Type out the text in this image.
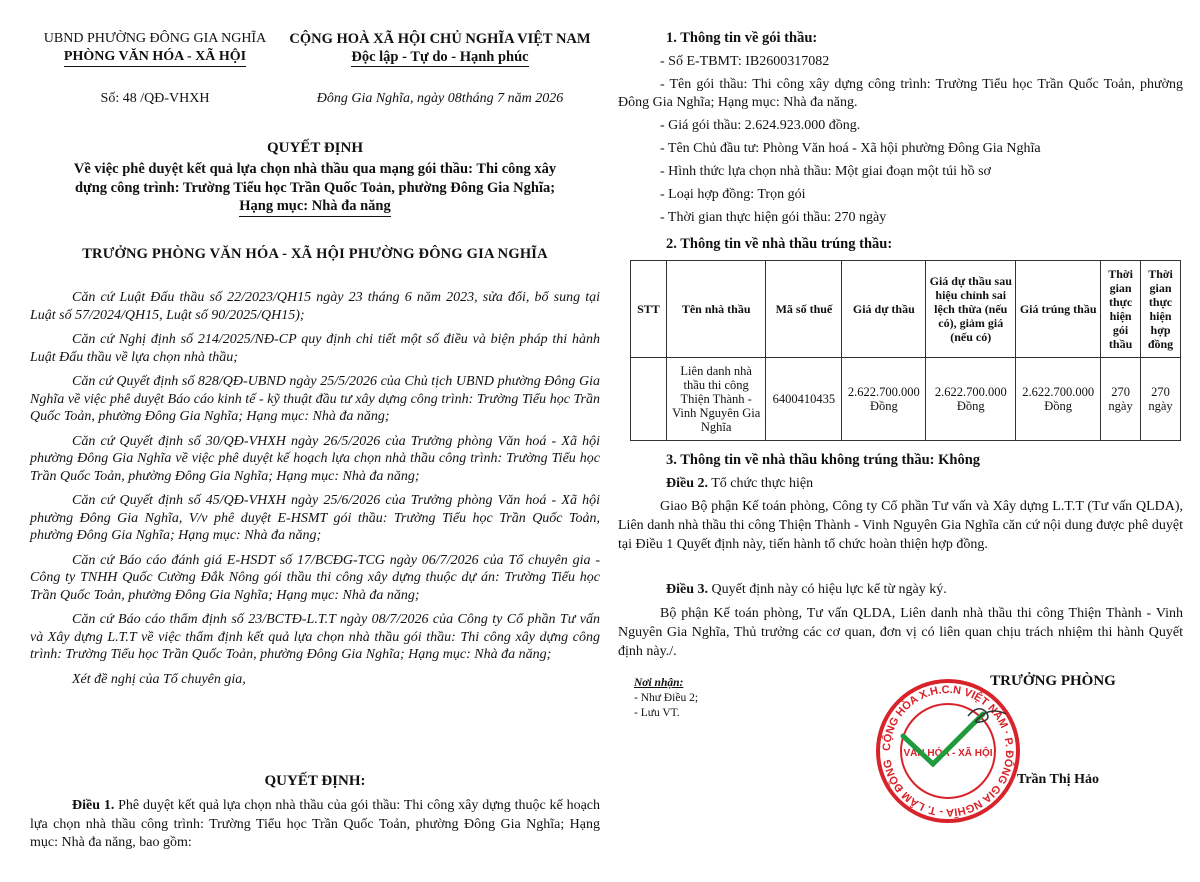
UBND PHƯỜNG ĐÔNG GIA NGHĨA
PHÒNG VĂN HÓA - XÃ HỘI
CỘNG HOÀ XÃ HỘI CHỦ NGHĨA VIỆT NAM
Độc lập - Tự do - Hạnh phúc
Số: 48 /QĐ-VHXH	Đông Gia Nghĩa, ngày 08tháng 7 năm 2026
QUYẾT ĐỊNH
Về việc phê duyệt kết quả lựa chọn nhà thầu qua mạng gói thầu: Thi công xây
dựng công trình: Trường Tiểu học Trần Quốc Toản, phường Đông Gia Nghĩa;
Hạng mục: Nhà đa năng
TRƯỞNG PHÒNG VĂN HÓA - XÃ HỘI PHƯỜNG ĐÔNG GIA NGHĨA

Căn cứ Luật Đấu thầu số 22/2023/QH15 ngày 23 tháng 6 năm 2023, sửa đổi, bổ sung tại Luật số 57/2024/QH15, Luật số 90/2025/QH15);

Căn cứ Nghị định số 214/2025/NĐ-CP quy định chi tiết một số điều và biện pháp thi hành Luật Đấu thầu về lựa chọn nhà thầu;

Căn cứ Quyết định số 828/QĐ-UBND ngày 25/5/2026 của Chủ tịch UBND phường Đông Gia Nghĩa về việc phê duyệt Báo cáo kinh tế - kỹ thuật đầu tư xây dựng công trình: Trường Tiểu học Trần Quốc Toản, phường Đông Gia Nghĩa; Hạng mục: Nhà đa năng;

Căn cứ Quyết định số 30/QĐ-VHXH ngày 26/5/2026 của Trưởng phòng Văn hoá - Xã hội phường Đông Gia Nghĩa về việc phê duyệt kế hoạch lựa chọn nhà thầu công trình: Trường Tiểu học Trần Quốc Toản, phường Đông Gia Nghĩa; Hạng mục: Nhà đa năng;

Căn cứ Quyết định số 45/QĐ-VHXH ngày 25/6/2026 của Trưởng phòng Văn hoá - Xã hội phường Đông Gia Nghĩa, V/v phê duyệt E-HSMT gói thầu: Trường Tiểu học Trần Quốc Toản, phường Đông Gia Nghĩa; Hạng mục: Nhà đa năng;

Căn cứ Báo cáo đánh giá E-HSDT số 17/BCĐG-TCG ngày 06/7/2026 của Tổ chuyên gia - Công ty TNHH Quốc Cường Đắk Nông gói thầu thi công xây dựng thuộc dự án: Trường Tiểu học Trần Quốc Toản, phường Đông Gia Nghĩa; Hạng mục: Nhà đa năng;

Căn cứ Báo cáo thẩm định số 23/BCTĐ-L.T.T ngày 08/7/2026 của Công ty Cổ phần Tư vấn và Xây dựng L.T.T về việc thẩm định kết quả lựa chọn nhà thầu gói thầu: Thi công xây dựng công trình: Trường Tiểu học Trần Quốc Toản, phường Đông Gia Nghĩa; Hạng mục: Nhà đa năng;

Xét đề nghị của Tổ chuyên gia,

QUYẾT ĐỊNH:

Điều 1. Phê duyệt kết quả lựa chọn nhà thầu của gói thầu: Thi công xây dựng thuộc kế hoạch lựa chọn nhà thầu công trình: Trường Tiểu học Trần Quốc Toản, phường Đông Gia Nghĩa; Hạng mục: Nhà đa năng, bao gồm:

1. Thông tin về gói thầu:

- Số E-TBMT: IB2600317082

- Tên gói thầu: Thi công xây dựng công trình: Trường Tiểu học Trần Quốc Toản, phường Đông Gia Nghĩa; Hạng mục: Nhà đa năng.

- Giá gói thầu: 2.624.923.000 đồng.

- Tên Chủ đầu tư: Phòng Văn hoá - Xã hội phường Đông Gia Nghĩa

- Hình thức lựa chọn nhà thầu: Một giai đoạn một túi hồ sơ

- Loại hợp đồng: Trọn gói

- Thời gian thực hiện gói thầu: 270 ngày

2. Thông tin về nhà thầu trúng thầu:
STT	Tên nhà thầu	Mã số thuế	Giá dự thầu	Giá dự thầu sau hiệu chỉnh sai lệch thừa (nếu có), giảm giá (nếu có)	Giá trúng thầu	Thời gian thực hiện gói thầu	Thời gian thực hiện hợp đồng
	Liên danh nhà thầu thi công Thiện Thành - Vinh Nguyên Gia Nghĩa	6400410435	2.622.700.000 Đồng	2.622.700.000 Đồng	2.622.700.000 Đồng	270 ngày	270 ngày
3. Thông tin về nhà thầu không trúng thầu: Không
Điều 2. Tổ chức thực hiện

Giao Bộ phận Kế toán phòng, Công ty Cổ phần Tư vấn và Xây dựng L.T.T (Tư vấn QLDA), Liên danh nhà thầu thi công Thiện Thành - Vinh Nguyên Gia Nghĩa căn cứ nội dung được phê duyệt tại Điều 1 Quyết định này, tiến hành tổ chức hoàn thiện hợp đồng.

Điều 3. Quyết định này có hiệu lực kể từ ngày ký.

Bộ phận Kế toán phòng, Tư vấn QLDA, Liên danh nhà thầu thi công Thiện Thành - Vinh Nguyên Gia Nghĩa, Thủ trưởng các cơ quan, đơn vị có liên quan chịu trách nhiệm thi hành Quyết định này./.

Nơi nhận:
- Như Điều 2;
- Lưu VT.
CỘNG HÒA X.H.C.N VIỆT NAM · P. ĐÔNG GIA NGHĨA - T. LÂM ĐỒNG
VĂN HÓA - XÃ HỘI
TRƯỞNG PHÒNG
Trần Thị Hảo
